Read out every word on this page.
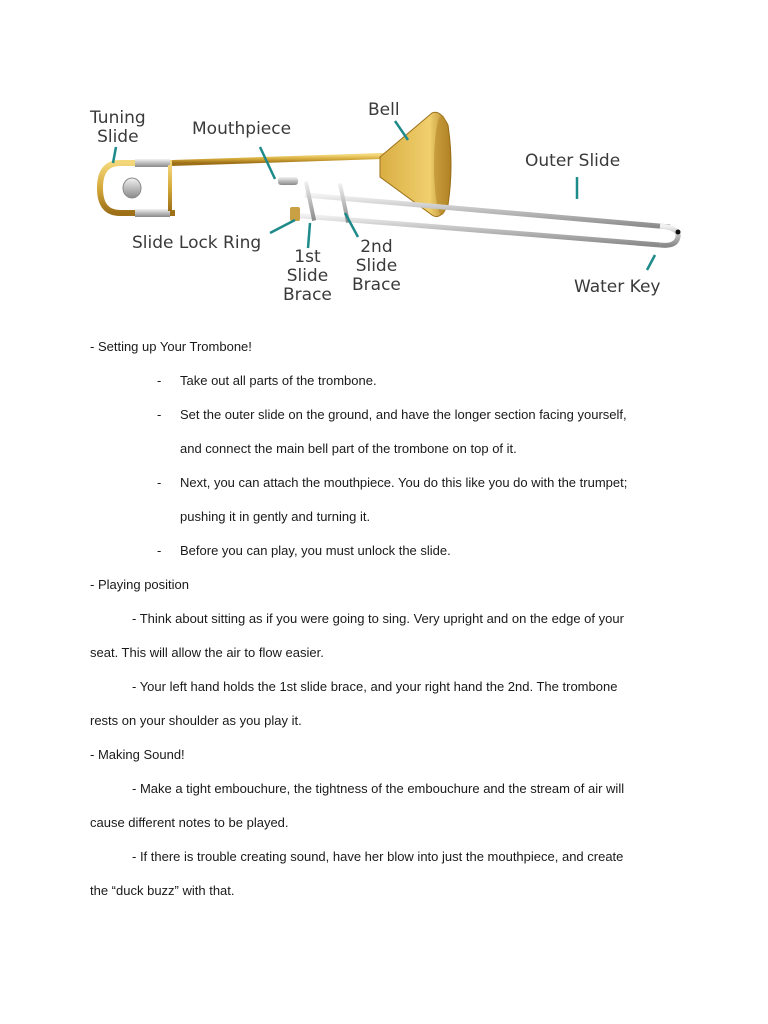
Tuning
Slide	Mouthpiece
Bell
Outer Slide
Slide Lock Ring
1st
Slide
Brace
2nd
Slide
Brace	Water Key
- Setting up Your Trombone!
- Take out all parts of the trombone.
- Set the outer slide on the ground, and have the longer section facing yourself,
and connect the main bell part of the trombone on top of it.
- Next, you can attach the mouthpiece. You do this like you do with the trumpet;
pushing it in gently and turning it.
- Before you can play, you must unlock the slide.
- Playing position
- Think about sitting as if you were going to sing. Very upright and on the edge of your
seat. This will allow the air to flow easier.
- Your left hand holds the 1st slide brace, and your right hand the 2nd. The trombone
rests on your shoulder as you play it.
- Making Sound!
- Make a tight embouchure, the tightness of the embouchure and the stream of air will
cause different notes to be played.
- If there is trouble creating sound, have her blow into just the mouthpiece, and create
the “duck buzz” with that.
